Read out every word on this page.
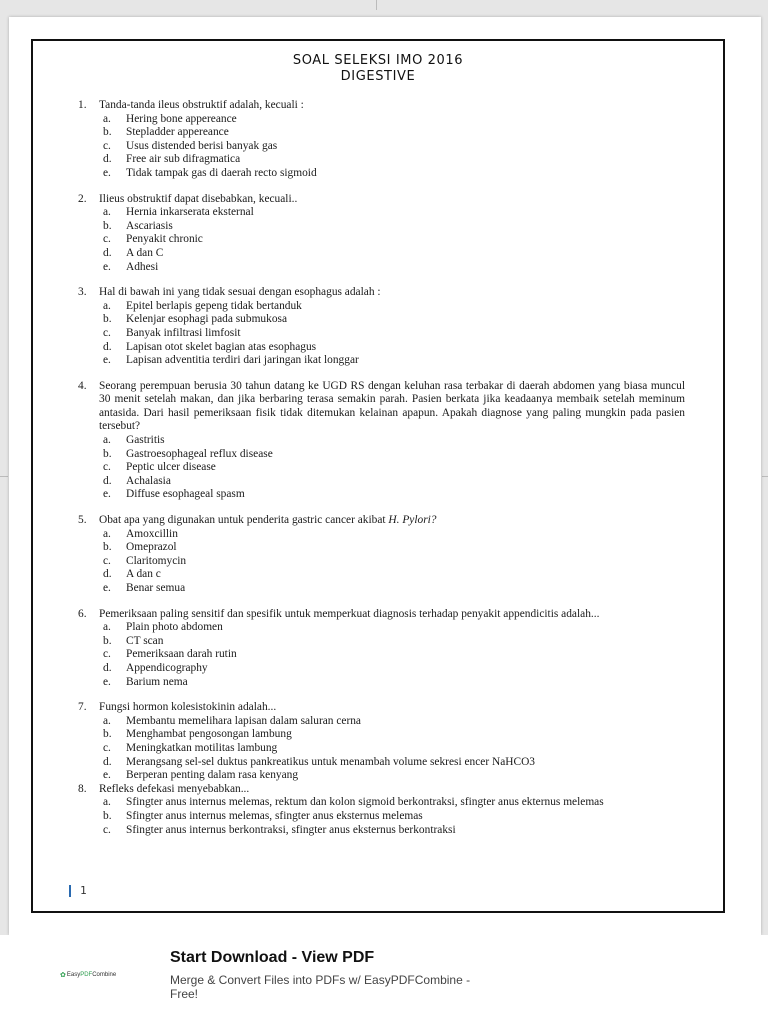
SOAL SELEKSI IMO 2016
DIGESTIVE
1.	Tanda-tanda ileus obstruktif adalah, kecuali :
a.	Hering bone appereance
b.	Stepladder appereance
c.	Usus distended berisi banyak gas
d.	Free air sub difragmatica
e.	Tidak tampak gas di daerah recto sigmoid
2.	Ilieus obstruktif dapat disebabkan, kecuali..
a.	Hernia inkarserata eksternal
b.	Ascariasis
c.	Penyakit chronic
d.	A dan C
e.	Adhesi
3.	Hal di bawah ini yang tidak sesuai dengan esophagus adalah :
a.	Epitel berlapis gepeng tidak bertanduk
b.	Kelenjar esophagi pada submukosa
c.	Banyak infiltrasi limfosit
d.	Lapisan otot skelet bagian atas esophagus
e.	Lapisan adventitia terdiri dari jaringan ikat longgar
4.	Seorang perempuan berusia 30 tahun datang ke UGD RS dengan keluhan rasa terbakar di daerah abdomen yang biasa muncul 30 menit setelah makan, dan jika berbaring terasa semakin parah. Pasien berkata jika keadaanya membaik setelah meminum antasida. Dari hasil pemeriksaan fisik tidak ditemukan kelainan apapun. Apakah diagnose yang paling mungkin pada pasien tersebut?
a.	Gastritis
b.	Gastroesophageal reflux disease
c.	Peptic ulcer disease
d.	Achalasia
e.	Diffuse esophageal spasm
5.	Obat apa yang digunakan untuk penderita gastric cancer akibat H. Pylori?
a.	Amoxcillin
b.	Omeprazol
c.	Claritomycin
d.	A dan c
e.	Benar semua
6.	Pemeriksaan paling sensitif dan spesifik untuk memperkuat diagnosis terhadap penyakit appendicitis adalah...
a.	Plain photo abdomen
b.	CT scan
c.	Pemeriksaan darah rutin
d.	Appendicography
e.	Barium nema
7.	Fungsi hormon kolesistokinin adalah...
a.	Membantu memelihara lapisan dalam saluran cerna
b.	Menghambat pengosongan lambung
c.	Meningkatkan motilitas lambung
d.	Merangsang sel-sel duktus pankreatikus untuk menambah volume sekresi encer NaHCO3
e.	Berperan penting dalam rasa kenyang
8.	Refleks defekasi menyebabkan...
a.	Sfingter anus internus melemas, rektum dan kolon sigmoid berkontraksi, sfingter anus ekternus melemas
b.	Sfingter anus internus melemas, sfingter anus eksternus melemas
c.	Sfingter anus internus berkontraksi, sfingter anus eksternus berkontraksi
1
✿ Easy PDF Combine
Start Download - View PDF
Merge & Convert Files into PDFs w/ EasyPDFCombine - Free!
